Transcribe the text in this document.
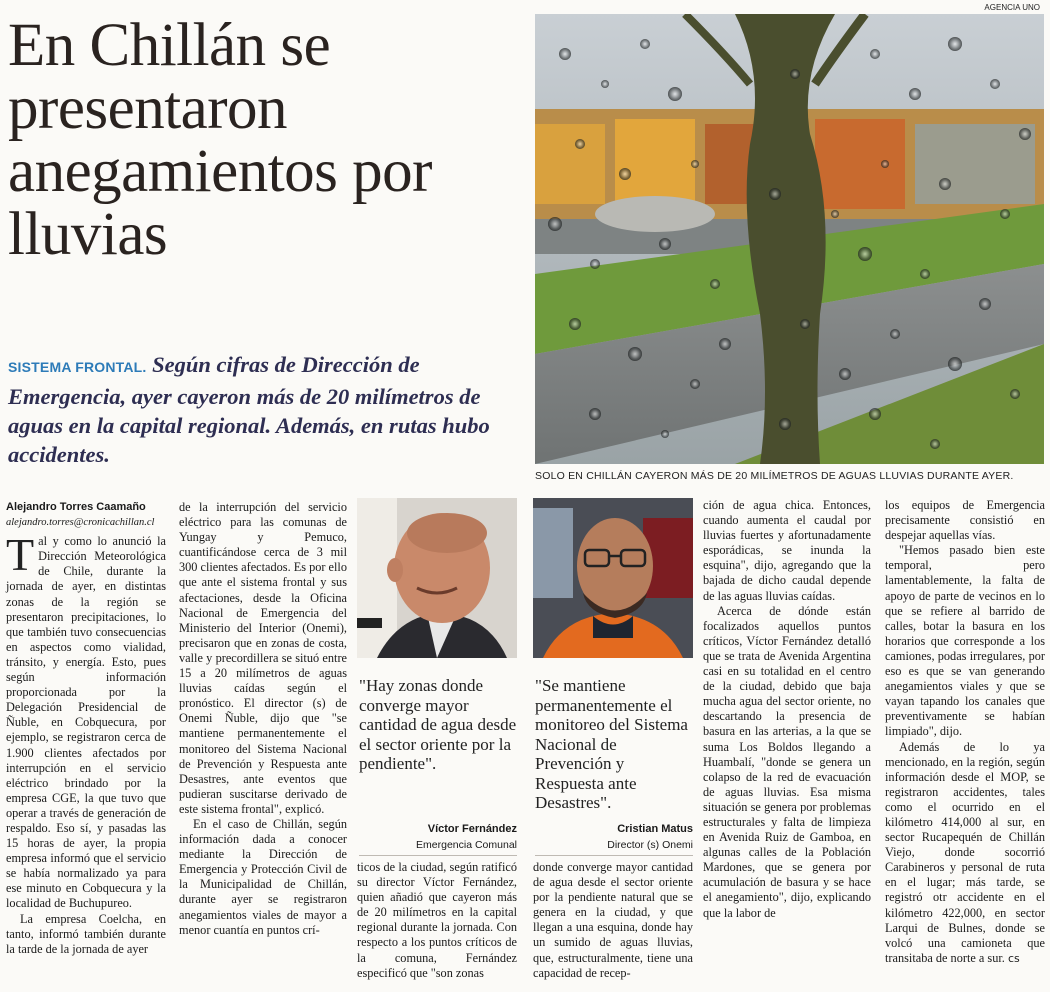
En Chillán se presentaron anegamientos por lluvias
SISTEMA FRONTAL. Según cifras de Dirección de Emergencia, ayer cayeron más de 20 milímetros de aguas en la capital regional. Además, en rutas hubo accidentes.
AGENCIA UNO
SOLO EN CHILLÁN CAYERON MÁS DE 20 MILÍMETROS DE AGUAS LLUVIAS DURANTE AYER.
Alejandro Torres Caamaño
alejandro.torres@cronicachillan.cl

Tal y como lo anunció la Dirección Meteorológica de Chile, durante la jornada de ayer, en distintas zonas de la región se presentaron precipitaciones, lo que también tuvo consecuencias en aspectos como vialidad, tránsito, y energía. Esto, pues según información proporcionada por la Delegación Presidencial de Ñuble, en Cobquecura, por ejemplo, se registraron cerca de 1.900 clientes afectados por interrupción en el servicio eléctrico brindado por la empresa CGE, la que tuvo que operar a través de generación de respaldo. Eso sí, y pasadas las 15 horas de ayer, la propia empresa informó que el servicio se había normalizado ya para ese minuto en Cobquecura y la localidad de Buchupureo.

La empresa Coelcha, en tanto, informó también durante la tarde de la jornada de ayer

de la interrupción del servicio eléctrico para las comunas de Yungay y Pemuco, cuantificándose cerca de 3 mil 300 clientes afectados. Es por ello que ante el sistema frontal y sus afectaciones, desde la Oficina Nacional de Emergencia del Ministerio del Interior (Onemi), precisaron que en zonas de costa, valle y precordillera se situó entre 15 a 20 milímetros de aguas lluvias caídas según el pronóstico. El director (s) de Onemi Ñuble, dijo que "se mantiene permanentemente el monitoreo del Sistema Nacional de Prevención y Respuesta ante Desastres, ante eventos que pudieran suscitarse derivado de este sistema frontal", explicó.

En el caso de Chillán, según información dada a conocer mediante la Dirección de Emergencia y Protección Civil de la Municipalidad de Chillán, durante ayer se registraron anegamientos viales de mayor a menor cuantía en puntos crí-

"Hay zonas donde converge mayor cantidad de agua desde el sector oriente por la pendiente".
Víctor Fernández
Emergencia Comunal
"Se mantiene permanentemente el monitoreo del Sistema Nacional de Prevención y Respuesta ante Desastres".
Cristian Matus
Director (s) Onemi

ticos de la ciudad, según ratificó su director Víctor Fernández, quien añadió que cayeron más de 20 milímetros en la capital regional durante la jornada. Con respecto a los puntos críticos de la comuna, Fernández especificó que "son zonas

donde converge mayor cantidad de agua desde el sector oriente por la pendiente natural que se genera en la ciudad, y que llegan a una esquina, donde hay un sumido de aguas lluvias, que, estructuralmente, tiene una capacidad de recep-

ción de agua chica. Entonces, cuando aumenta el caudal por lluvias fuertes y afortunadamente esporádicas, se inunda la esquina", dijo, agregando que la bajada de dicho caudal depende de las aguas lluvias caídas.

Acerca de dónde están focalizados aquellos puntos críticos, Víctor Fernández detalló que se trata de Avenida Argentina casi en su totalidad en el centro de la ciudad, debido que baja mucha agua del sector oriente, no descartando la presencia de basura en las arterias, a la que se suma Los Boldos llegando a Huambalí, "donde se genera un colapso de la red de evacuación de aguas lluvias. Esa misma situación se genera por problemas estructurales y falta de limpieza en Avenida Ruiz de Gamboa, en algunas calles de la Población Mardones, que se genera por acumulación de basura y se hace el anegamiento", dijo, explicando que la labor de

los equipos de Emergencia precisamente consistió en despejar aquellas vías.

"Hemos pasado bien este temporal, pero lamentablemente, la falta de apoyo de parte de vecinos en lo que se refiere al barrido de calles, botar la basura en los horarios que corresponde a los camiones, podas irregulares, por eso es que se van generando anegamientos viales y que se vayan tapando los canales que preventivamente se habían limpiado", dijo.

Además de lo ya mencionado, en la región, según información desde el MOP, se registraron accidentes, tales como el ocurrido en el kilómetro 414,000 al sur, en sector Rucapequén de Chillán Viejo, donde socorrió Carabineros y personal de ruta en el lugar; más tarde, se registró otr accidente en el kilómetro 422,000, en sector Larqui de Bulnes, donde se volcó una camioneta que transitaba de norte a sur. cs
